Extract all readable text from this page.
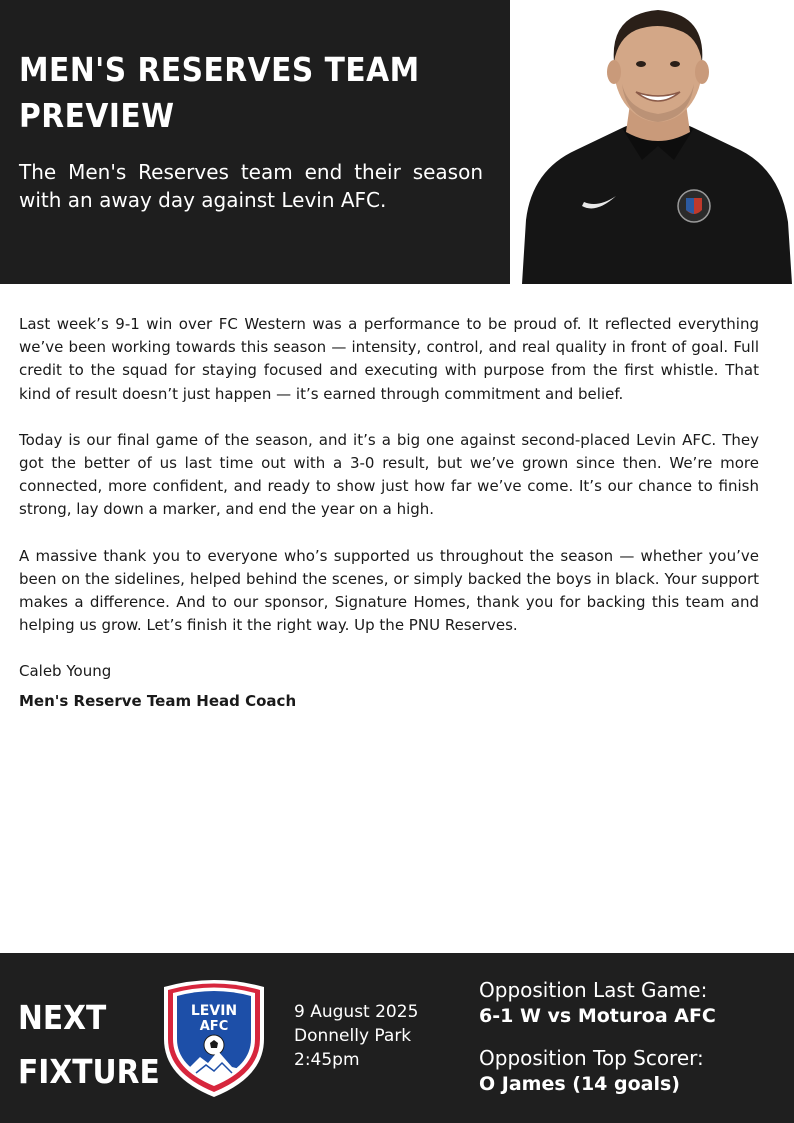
MEN'S RESERVES TEAM
PREVIEW
The Men's Reserves team end their season with an away day against Levin AFC.

Last week’s 9-1 win over FC Western was a performance to be proud of. It reflected everything we’ve been working towards this season — intensity, control, and real quality in front of goal. Full credit to the squad for staying focused and executing with purpose from the first whistle. That kind of result doesn’t just happen — it’s earned through commitment and belief.

Today is our final game of the season, and it’s a big one against second-placed Levin AFC. They got the better of us last time out with a 3-0 result, but we’ve grown since then. We’re more connected, more confident, and ready to show just how far we’ve come. It’s our chance to finish strong, lay down a marker, and end the year on a high.

A massive thank you to everyone who’s supported us throughout the season — whether you’ve been on the sidelines, helped behind the scenes, or simply backed the boys in black. Your support makes a difference. And to our sponsor, Signature Homes, thank you for backing this team and helping us grow. Let’s finish it the right way. Up the PNU Reserves.

Caleb Young
Men's Reserve Team Head Coach
NEXT
FIXTURE
LEVIN
AFC
9 August 2025
Donnelly Park
2:45pm
Opposition Last Game:
6-1 W vs Moturoa AFC
Opposition Top Scorer:
O James (14 goals)
